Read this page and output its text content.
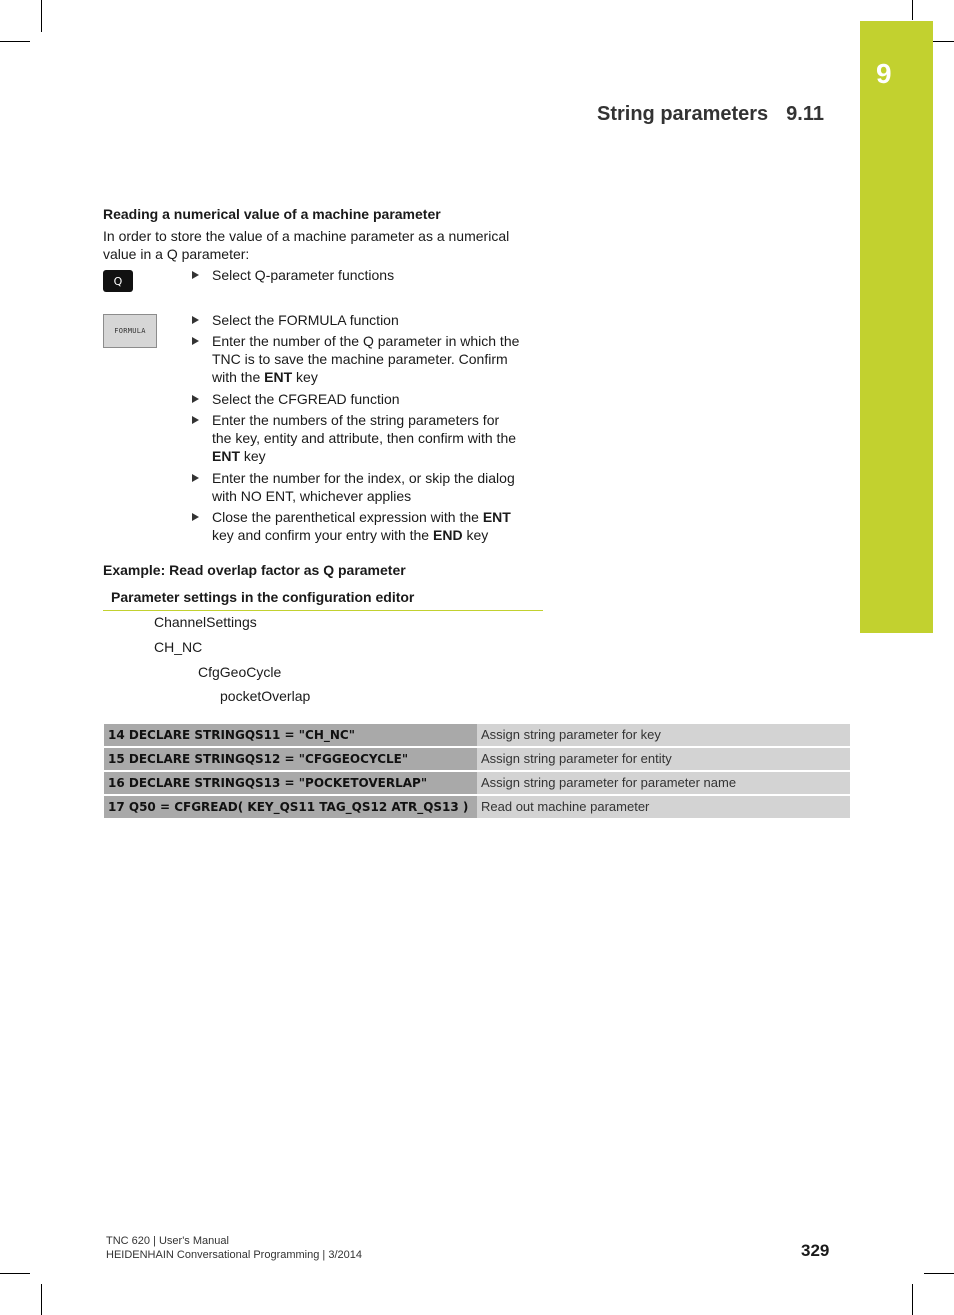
9
String parameters 9.11
Reading a numerical value of a machine parameter
In order to store the value of a machine parameter as a numerical
value in a Q parameter:
Q
FORMULA
Select Q-parameter functions
Select the FORMULA function
Enter the number of the Q parameter in which the
TNC is to save the machine parameter. Confirm
with the ENT key
Select the CFGREAD function
Enter the numbers of the string parameters for
the key, entity and attribute, then confirm with the
ENT key
Enter the number for the index, or skip the dialog
with NO ENT, whichever applies
Close the parenthetical expression with the ENT
key and confirm your entry with the END key
Example: Read overlap factor as Q parameter
Parameter settings in the configuration editor
ChannelSettings
CH_NC
CfgGeoCycle
pocketOverlap
14 DECLARE STRINGQS11 = "CH_NC"	Assign string parameter for key
15 DECLARE STRINGQS12 = "CFGGEOCYCLE"	Assign string parameter for entity
16 DECLARE STRINGQS13 = "POCKETOVERLAP"	Assign string parameter for parameter name
17 Q50 = CFGREAD( KEY_QS11 TAG_QS12 ATR_QS13 ) Read out machine parameter
TNC 620 | User's Manual
HEIDENHAIN Conversational Programming | 3/2014	329
